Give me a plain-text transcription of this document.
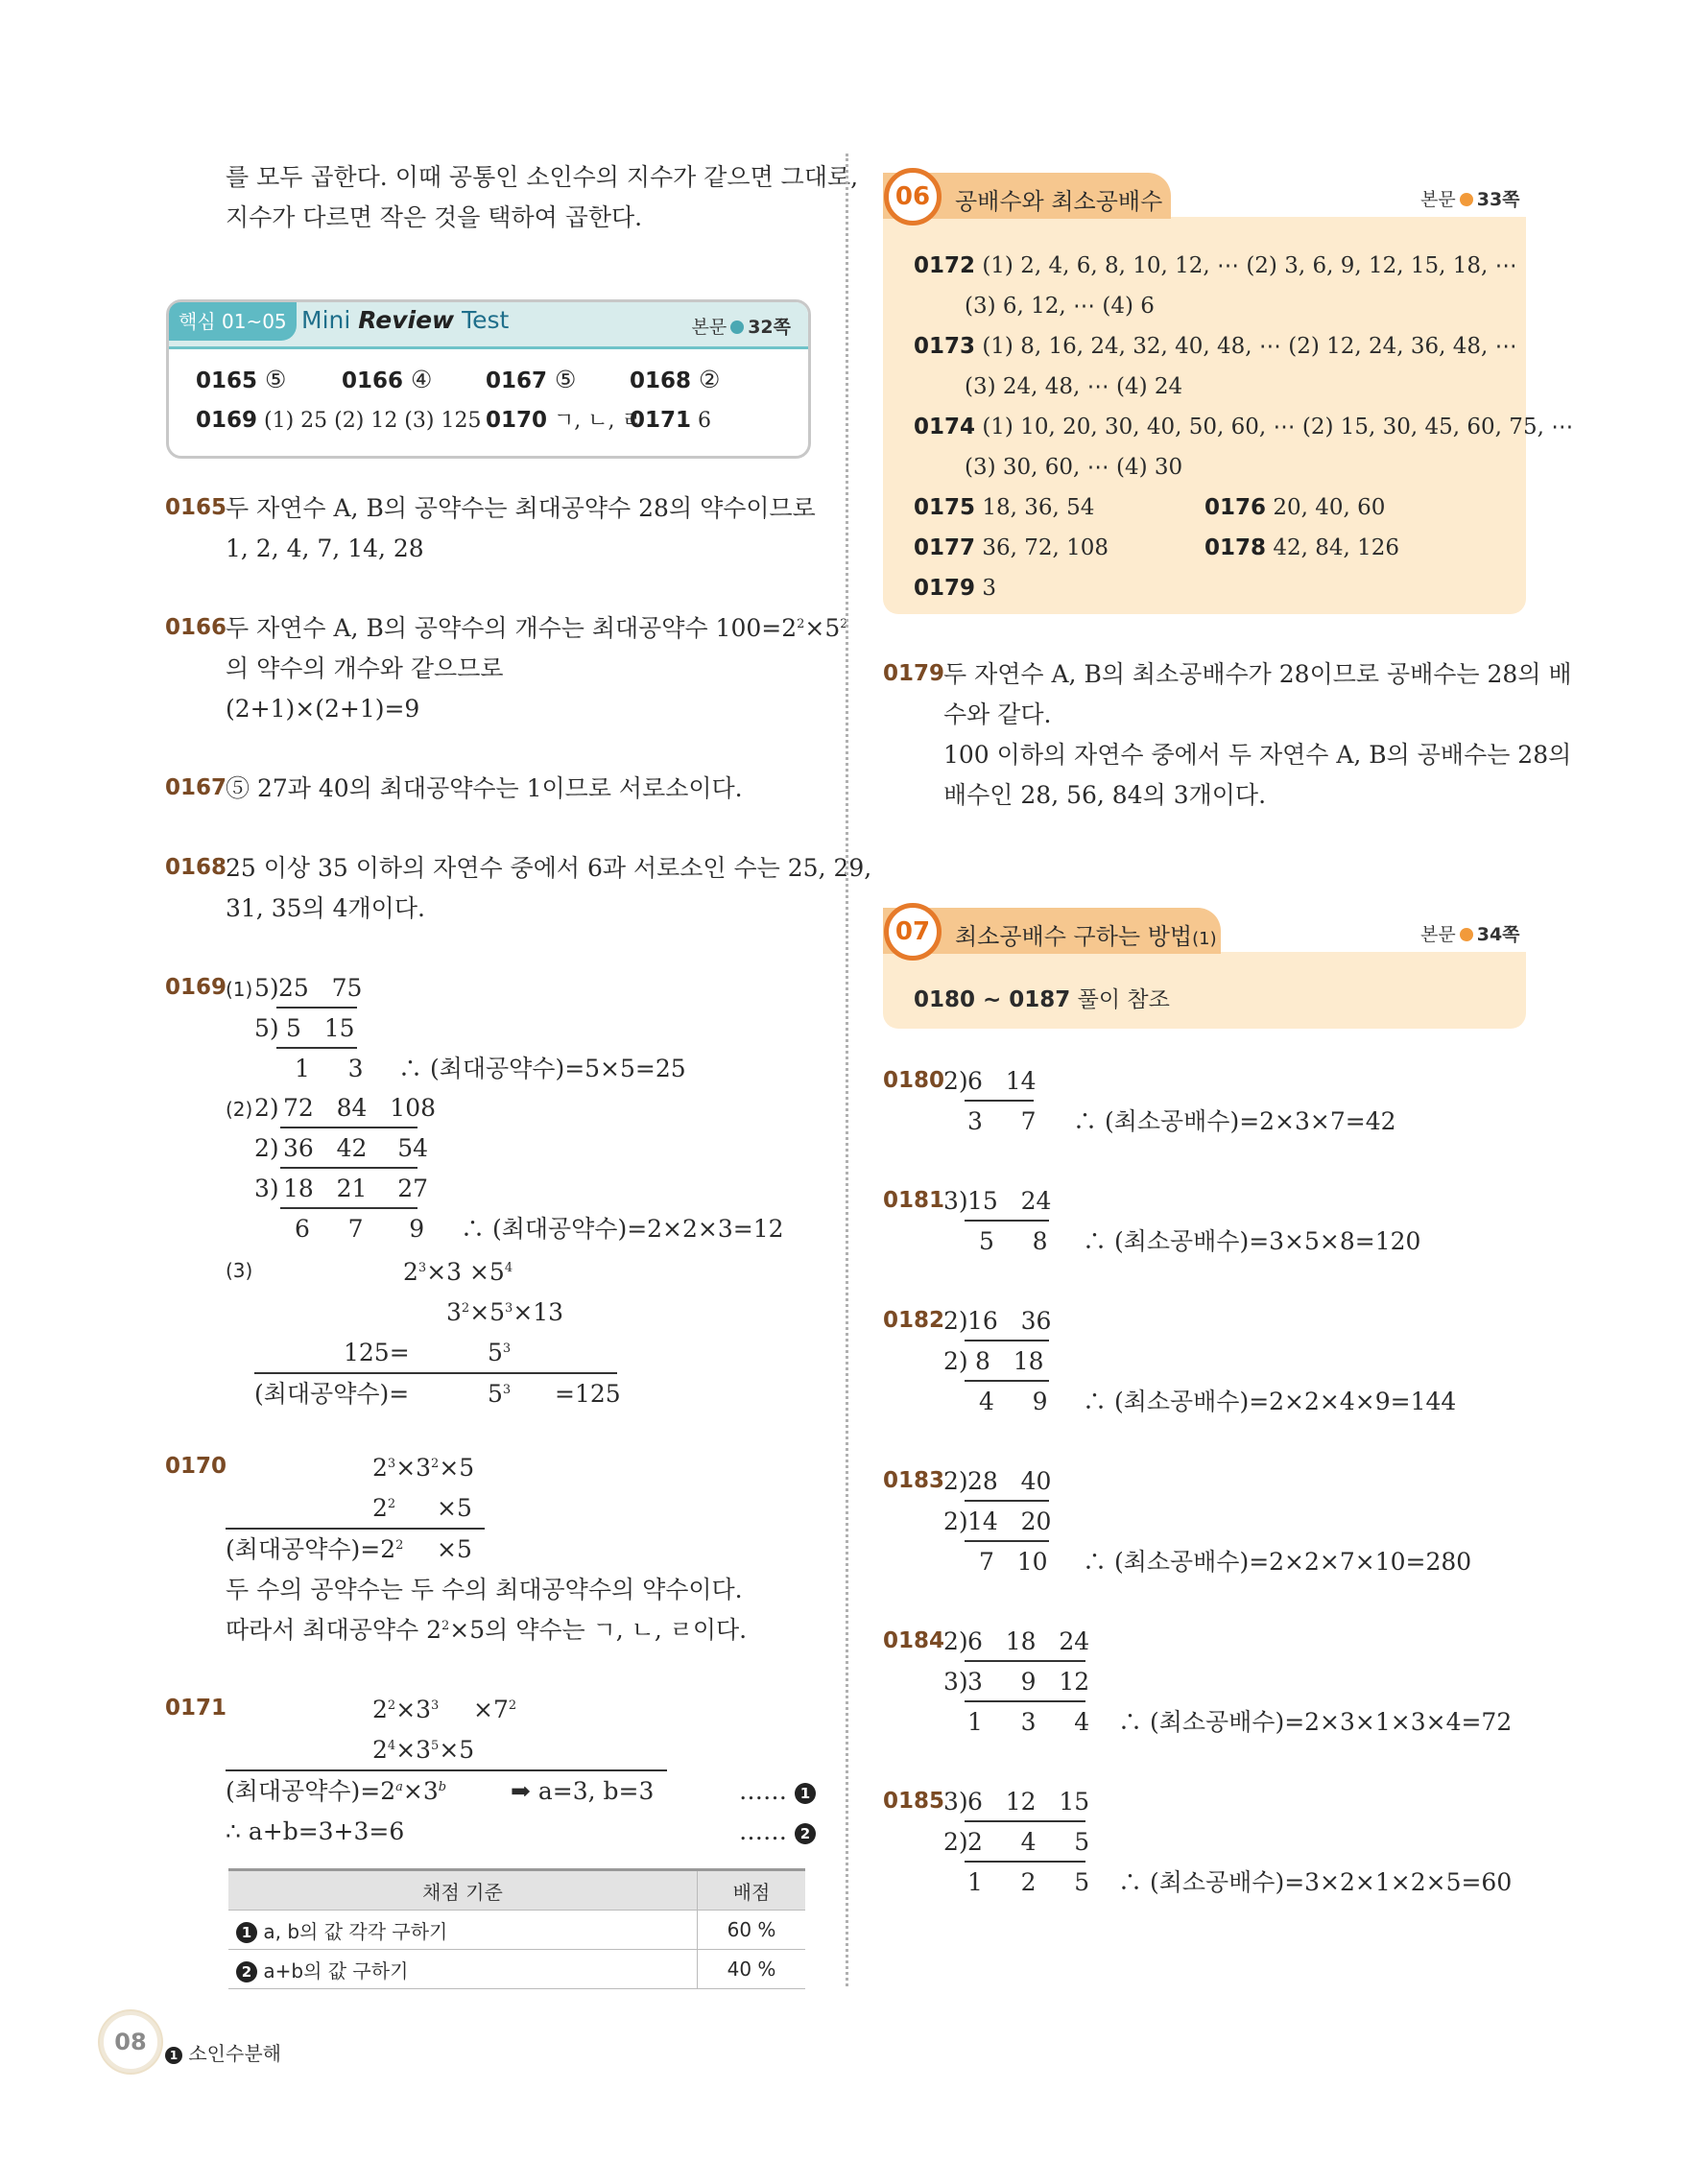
를 모두 곱한다. 이때 공통인 소인수의 지수가 같으면 그대로,
지수가 다르면 작은 것을 택하여 곱한다.
핵심 01~05 Mini Review Test	본문 32쪽
0165 ⑤	0166 ④ 0167 ⑤ 0168 ②
0169 (1) 25 (2) 12 (3) 125 0170 ㄱ, ㄴ, ㄹ
0171 6
0165
두 자연수 A, B의 공약수는 최대공약수 28의 약수이므로
1, 2, 4, 7, 14, 28
0166
두 자연수 A, B의 공약수의 개수는 최대공약수 $100=2^2\times 5^2$
의 약수의 개수와 같으므로
(2+1)×(2+1)=9
0167
⑤ 27과 40의 최대공약수는 1이므로 서로소이다.
0168
25 이상 35 이하의 자연수 중에서 6과 서로소인 수는 25, 29,
31, 35의 4개이다.
0169
(1) 5) 25   75
5) 5   15
1     3 ∴ (최대공약수)=5×5=25
(2) 2) 72   84   108
2) 36   42    54
3) 18   21    27
6     7      9 ∴ (최대공약수)=2×2×3=12
(3)	$2^3\times 3 \times 5^4$
$3^2\times 5^3\times 13$
125=	$5^3$
(최대공약수)=	$5^3 =125$
0170	$2^3\times 3^2\times 5$
$2^2 \times 5$
(최대공약수)$=2^2 \times 5$
두 수의 공약수는 두 수의 최대공약수의 약수이다.
따라서 최대공약수 $2^2\times 5$의 약수는 ㄱ, ㄴ, ㄹ이다.
0171	$2^2\times 3^3 \times 7^2$
$2^4\times 3^5\times 5$
(최대공약수)$=2^a\times 3^b$	➡ a=3, b=3	…… 1
∴ a+b=3+3=6	…… 2
채점 기준	배점
1 a, b의 값 각각 구하기	60 %
2 a+b의 값 구하기	40 %
06	공배수와 최소공배수	본문 33쪽
0172 (1) 2, 4, 6, 8, 10, 12, ⋯ (2) 3, 6, 9, 12, 15, 18, ⋯
(3) 6, 12, ⋯ (4) 6
0173 (1) 8, 16, 24, 32, 40, 48, ⋯ (2) 12, 24, 36, 48, ⋯
(3) 24, 48, ⋯ (4) 24
0174 (1) 10, 20, 30, 40, 50, 60, ⋯ (2) 15, 30, 45, 60, 75, ⋯
(3) 30, 60, ⋯ (4) 30
0175 18, 36, 54	0176 20, 40, 60
0177 36, 72, 108	0178 42, 84, 126
0179 3
0179
두 자연수 A, B의 최소공배수가 28이므로 공배수는 28의 배
수와 같다.
100 이하의 자연수 중에서 두 자연수 A, B의 공배수는 28의
배수인 28, 56, 84의 3개이다.
07	최소공배수 구하는 방법(1)	본문 34쪽
0180 ~ 0187 풀이 참조
0180
2) 6   14
3     7 ∴ (최소공배수)=2×3×7=42
0181
3) 15   24
5     8 ∴ (최소공배수)=3×5×8=120
0182
2) 16   36
2) 8   18
4     9 ∴ (최소공배수)=2×2×4×9=144
0183
2) 28   40
2) 14   20
7   10 ∴ (최소공배수)=2×2×7×10=280
0184
2) 6   18   24
3) 3     9   12
1     3     4 ∴ (최소공배수)=2×3×1×3×4=72
0185
3) 6   12   15
2) 2     4     5
1     2     5 ∴ (최소공배수)=3×2×1×2×5=60
08	1 소인수분해
